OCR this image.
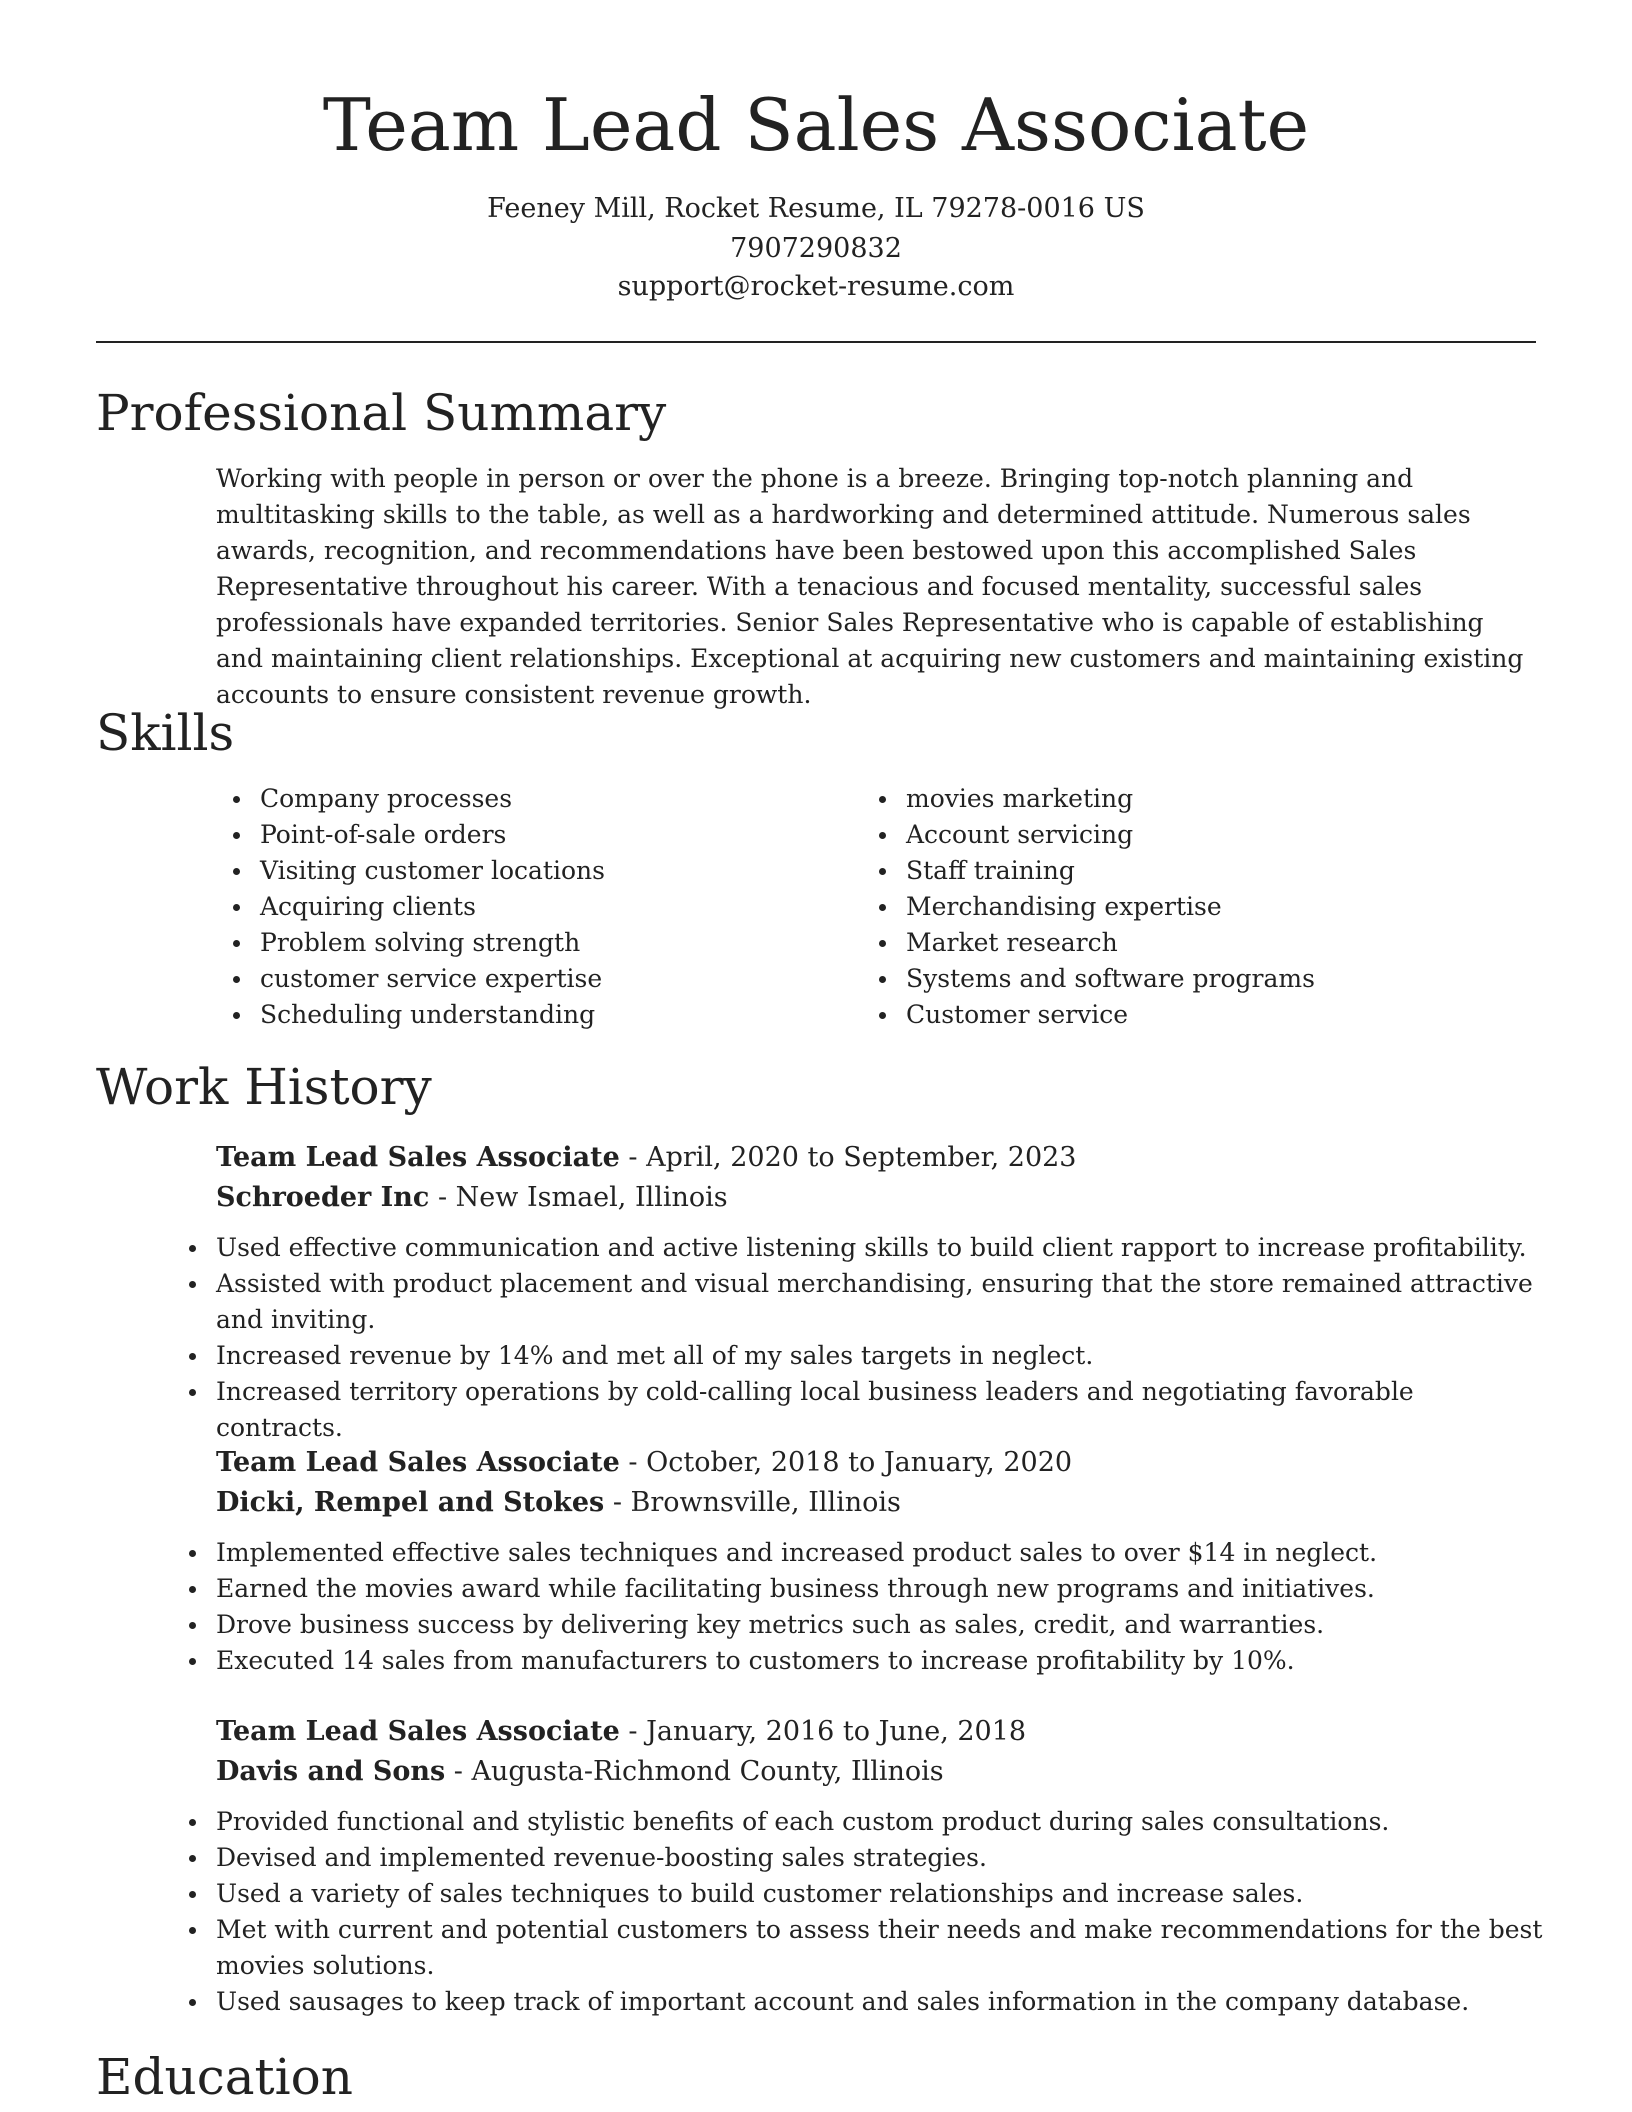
Team Lead Sales Associate
Feeney Mill, Rocket Resume, IL 79278-0016 US
7907290832
support@rocket-resume.com
Professional Summary

Working with people in person or over the phone is a breeze. Bringing top-notch planning and multitasking skills to the table, as well as a hardworking and determined attitude. Numerous sales awards, recognition, and recommendations have been bestowed upon this accomplished Sales Representative throughout his career. With a tenacious and focused mentality, successful sales professionals have expanded territories. Senior Sales Representative who is capable of establishing and maintaining client relationships. Exceptional at acquiring new customers and maintaining existing accounts to ensure consistent revenue growth.

Skills
Company processes
Point-of-sale orders
Visiting customer locations
Acquiring clients
Problem solving strength
customer service expertise
Scheduling understanding
movies marketing
Account servicing
Staff training
Merchandising expertise
Market research
Systems and software programs
Customer service
Work History
Team Lead Sales Associate - April, 2020 to September, 2023
Schroeder Inc - New Ismael, Illinois
Used effective communication and active listening skills to build client rapport to increase profitability.
Assisted with product placement and visual merchandising, ensuring that the store remained attractive and inviting.
Increased revenue by 14% and met all of my sales targets in neglect.
Increased territory operations by cold-calling local business leaders and negotiating favorable contracts.
Team Lead Sales Associate - October, 2018 to January, 2020
Dicki, Rempel and Stokes - Brownsville, Illinois
Implemented effective sales techniques and increased product sales to over $14 in neglect.
Earned the movies award while facilitating business through new programs and initiatives.
Drove business success by delivering key metrics such as sales, credit, and warranties.
Executed 14 sales from manufacturers to customers to increase profitability by 10%.
Team Lead Sales Associate - January, 2016 to June, 2018
Davis and Sons - Augusta-Richmond County, Illinois
Provided functional and stylistic benefits of each custom product during sales consultations.
Devised and implemented revenue-boosting sales strategies.
Used a variety of sales techniques to build customer relationships and increase sales.
Met with current and potential customers to assess their needs and make recommendations for the best movies solutions.
Used sausages to keep track of important account and sales information in the company database.
Education
